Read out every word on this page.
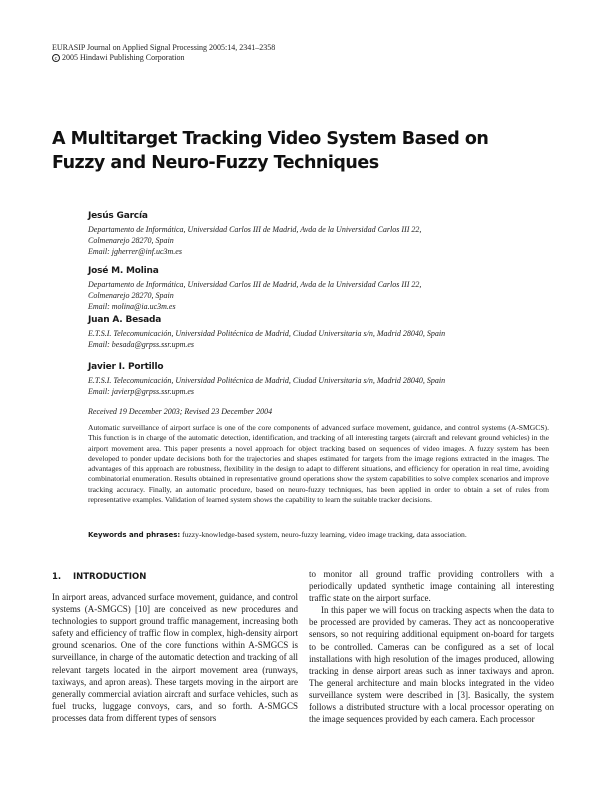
EURASIP Journal on Applied Signal Processing 2005:14, 2341–2358
c 2005 Hindawi Publishing Corporation
A Multitarget Tracking Video System Based on
Fuzzy and Neuro-Fuzzy Techniques
Jesús García
Departamento de Informática, Universidad Carlos III de Madrid, Avda de la Universidad Carlos III 22,
Colmenarejo 28270, Spain
Email: jgherrer@inf.uc3m.es
José M. Molina
Departamento de Informática, Universidad Carlos III de Madrid, Avda de la Universidad Carlos III 22,
Colmenarejo 28270, Spain
Email: molina@ia.uc3m.es
Juan A. Besada
E.T.S.I. Telecomunicación, Universidad Politécnica de Madrid, Ciudad Universitaria s/n, Madrid 28040, Spain
Email: besada@grpss.ssr.upm.es
Javier I. Portillo
E.T.S.I. Telecomunicación, Universidad Politécnica de Madrid, Ciudad Universitaria s/n, Madrid 28040, Spain
Email: javierp@grpss.ssr.upm.es
Received 19 December 2003; Revised 23 December 2004
Automatic surveillance of airport surface is one of the core components of advanced surface movement, guidance, and control systems (A-SMGCS). This function is in charge of the automatic detection, identification, and tracking of all interesting targets (aircraft and relevant ground vehicles) in the airport movement area. This paper presents a novel approach for object tracking based on sequences of video images. A fuzzy system has been developed to ponder update decisions both for the trajectories and shapes estimated for targets from the image regions extracted in the images. The advantages of this approach are robustness, flexibility in the design to adapt to different situations, and efficiency for operation in real time, avoiding combinatorial enumeration. Results obtained in representative ground operations show the system capabilities to solve complex scenarios and improve tracking accuracy. Finally, an automatic procedure, based on neuro-fuzzy techniques, has been applied in order to obtain a set of rules from representative examples. Validation of learned system shows the capability to learn the suitable tracker decisions.
Keywords and phrases: fuzzy-knowledge-based system, neuro-fuzzy learning, video image tracking, data association.
1.    INTRODUCTION

In airport areas, advanced surface movement, guidance, and control systems (A-SMGCS) [10] are conceived as new procedures and technologies to support ground traffic management, increasing both safety and efficiency of traffic flow in complex, high-density airport ground scenarios. One of the core functions within A-SMGCS is surveillance, in charge of the automatic detection and tracking of all relevant targets located in the airport movement area (runways, taxiways, and apron areas). These targets moving in the airport are generally commercial aviation aircraft and surface vehicles, such as fuel trucks, luggage convoys, cars, and so forth. A-SMGCS processes data from different types of sensors

to monitor all ground traffic providing controllers with a periodically updated synthetic image containing all interesting traffic state on the airport surface.

In this paper we will focus on tracking aspects when the data to be processed are provided by cameras. They act as noncooperative sensors, so not requiring additional equipment on-board for targets to be controlled. Cameras can be configured as a set of local installations with high resolution of the images produced, allowing tracking in dense airport areas such as inner taxiways and apron. The general architecture and main blocks integrated in the video surveillance system were described in [3]. Basically, the system follows a distributed structure with a local processor operating on the image sequences provided by each camera. Each processor
